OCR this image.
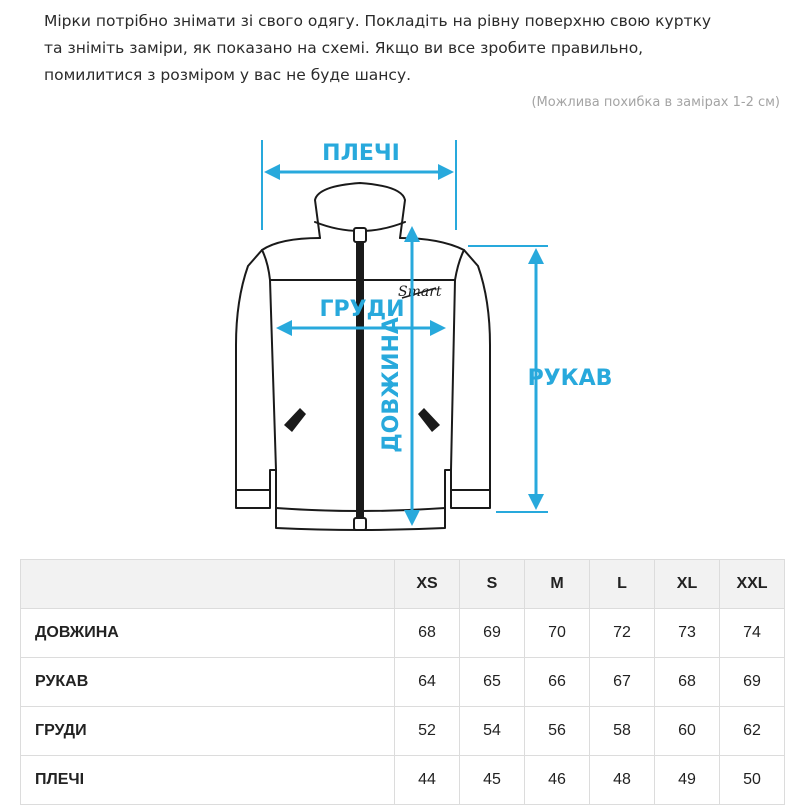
Мірки потрібно знімати зі свого одягу. Покладіть на рівну поверхню свою куртку

та зніміть заміри, як показано на схемі. Якщо ви все зробите правильно,

помилитися з розміром у вас не буде шансу.

(Можлива похибка в замірах 1-2 см)
Smart
ПЛЕЧІ
ГРУДИ
ДОВЖИНА	РУКАВ
	XS	S	M	L	XL	XXL
ДОВЖИНА	68	69	70	72	73	74
РУКАВ	64	65	66	67	68	69
ГРУДИ	52	54	56	58	60	62
ПЛЕЧІ	44	45	46	48	49	50
